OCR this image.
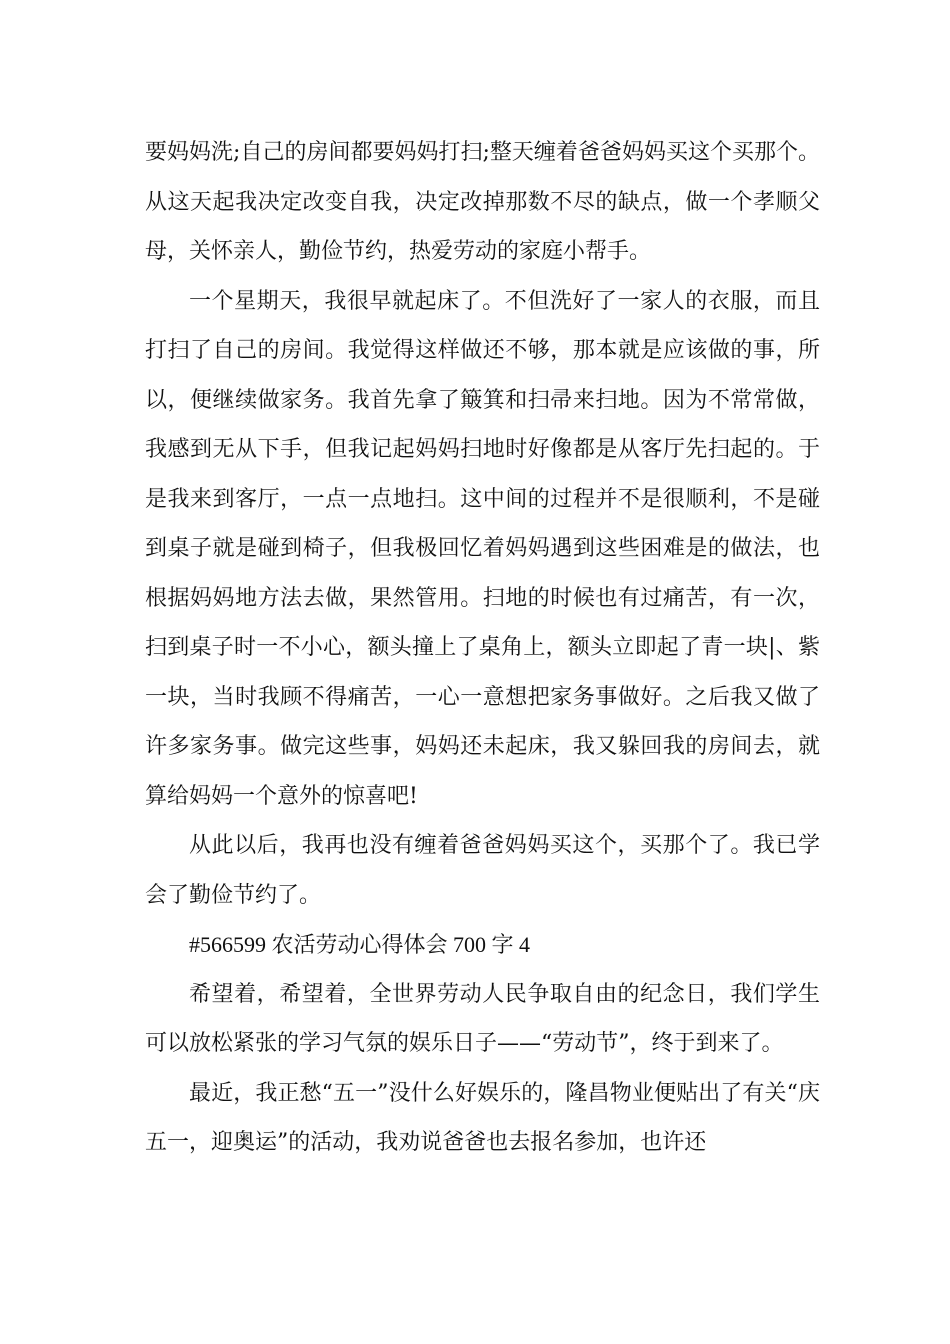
要妈妈洗;自己的房间都要妈妈打扫;整天缠着爸爸妈妈买这个买那个。从这天起我决定改变自我，决定改掉那数不尽的缺点，做一个孝顺父母，关怀亲人，勤俭节约，热爱劳动的家庭小帮手。

一个星期天，我很早就起床了。不但洗好了一家人的衣服，而且打扫了自己的房间。我觉得这样做还不够，那本就是应该做的事，所以，便继续做家务。我首先拿了簸箕和扫帚来扫地。因为不常常做，我感到无从下手，但我记起妈妈扫地时好像都是从客厅先扫起的。于是我来到客厅，一点一点地扫。这中间的过程并不是很顺利，不是碰到桌子就是碰到椅子，但我极回忆着妈妈遇到这些困难是的做法，也根据妈妈地方法去做，果然管用。扫地的时候也有过痛苦，有一次，扫到桌子时一不小心，额头撞上了桌角上，额头立即起了青一块|、紫一块，当时我顾不得痛苦，一心一意想把家务事做好。之后我又做了许多家务事。做完这些事，妈妈还未起床，我又躲回我的房间去，就算给妈妈一个意外的惊喜吧!

从此以后，我再也没有缠着爸爸妈妈买这个，买那个了。我已学会了勤俭节约了。

#566599 农活劳动心得体会 700 字 4

希望着，希望着，全世界劳动人民争取自由的纪念日，我们学生可以放松紧张的学习气氛的娱乐日子——“劳动节”，终于到来了。

最近，我正愁“五一”没什么好娱乐的，隆昌物业便贴出了有关“庆五一，迎奥运”的活动，我劝说爸爸也去报名参加，也许还
